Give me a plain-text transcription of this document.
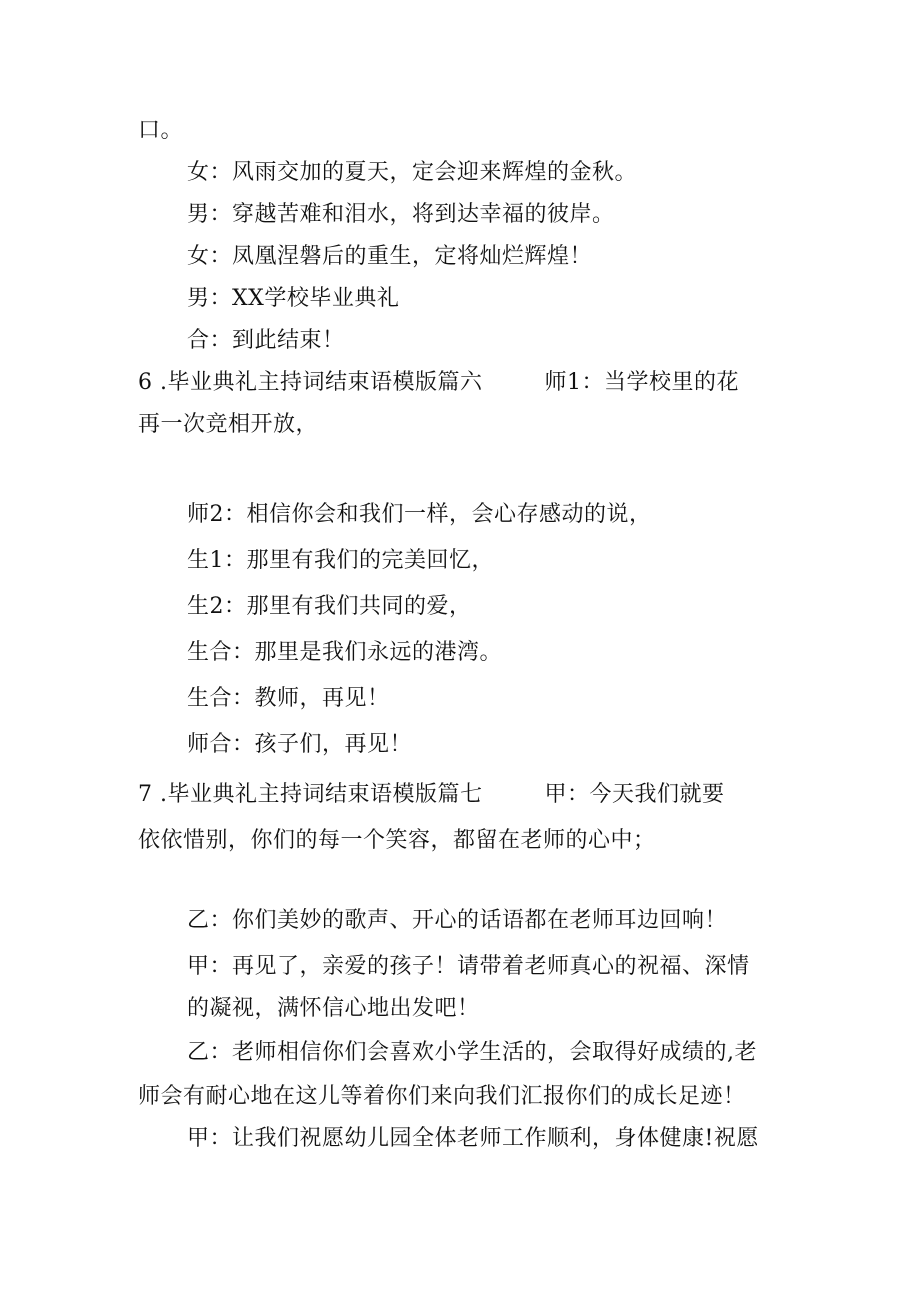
口。
女：风雨交加的夏天，定会迎来辉煌的金秋。
男：穿越苦难和泪水，将到达幸福的彼岸。
女：凤凰涅磐后的重生，定将灿烂辉煌！
男：XX学校毕业典礼
合：到此结束！
6 .毕业典礼主持词结束语模版篇六	师1：当学校里的花
再一次竞相开放，
师2：相信你会和我们一样，会心存感动的说，
生1：那里有我们的完美回忆，
生2：那里有我们共同的爱，
生合：那里是我们永远的港湾。
生合：教师，再见！
师合：孩子们，再见！
7 .毕业典礼主持词结束语模版篇七	甲：今天我们就要
依依惜别，你们的每一个笑容，都留在老师的心中；
乙：你们美妙的歌声、开心的话语都在老师耳边回响！
甲：再见了，亲爱的孩子！请带着老师真心的祝福、深情
的凝视，满怀信心地出发吧！
乙：老师相信你们会喜欢小学生活的，会取得好成绩的,老
师会有耐心地在这儿等着你们来向我们汇报你们的成长足迹！
甲：让我们祝愿幼儿园全体老师工作顺利，身体健康!祝愿
